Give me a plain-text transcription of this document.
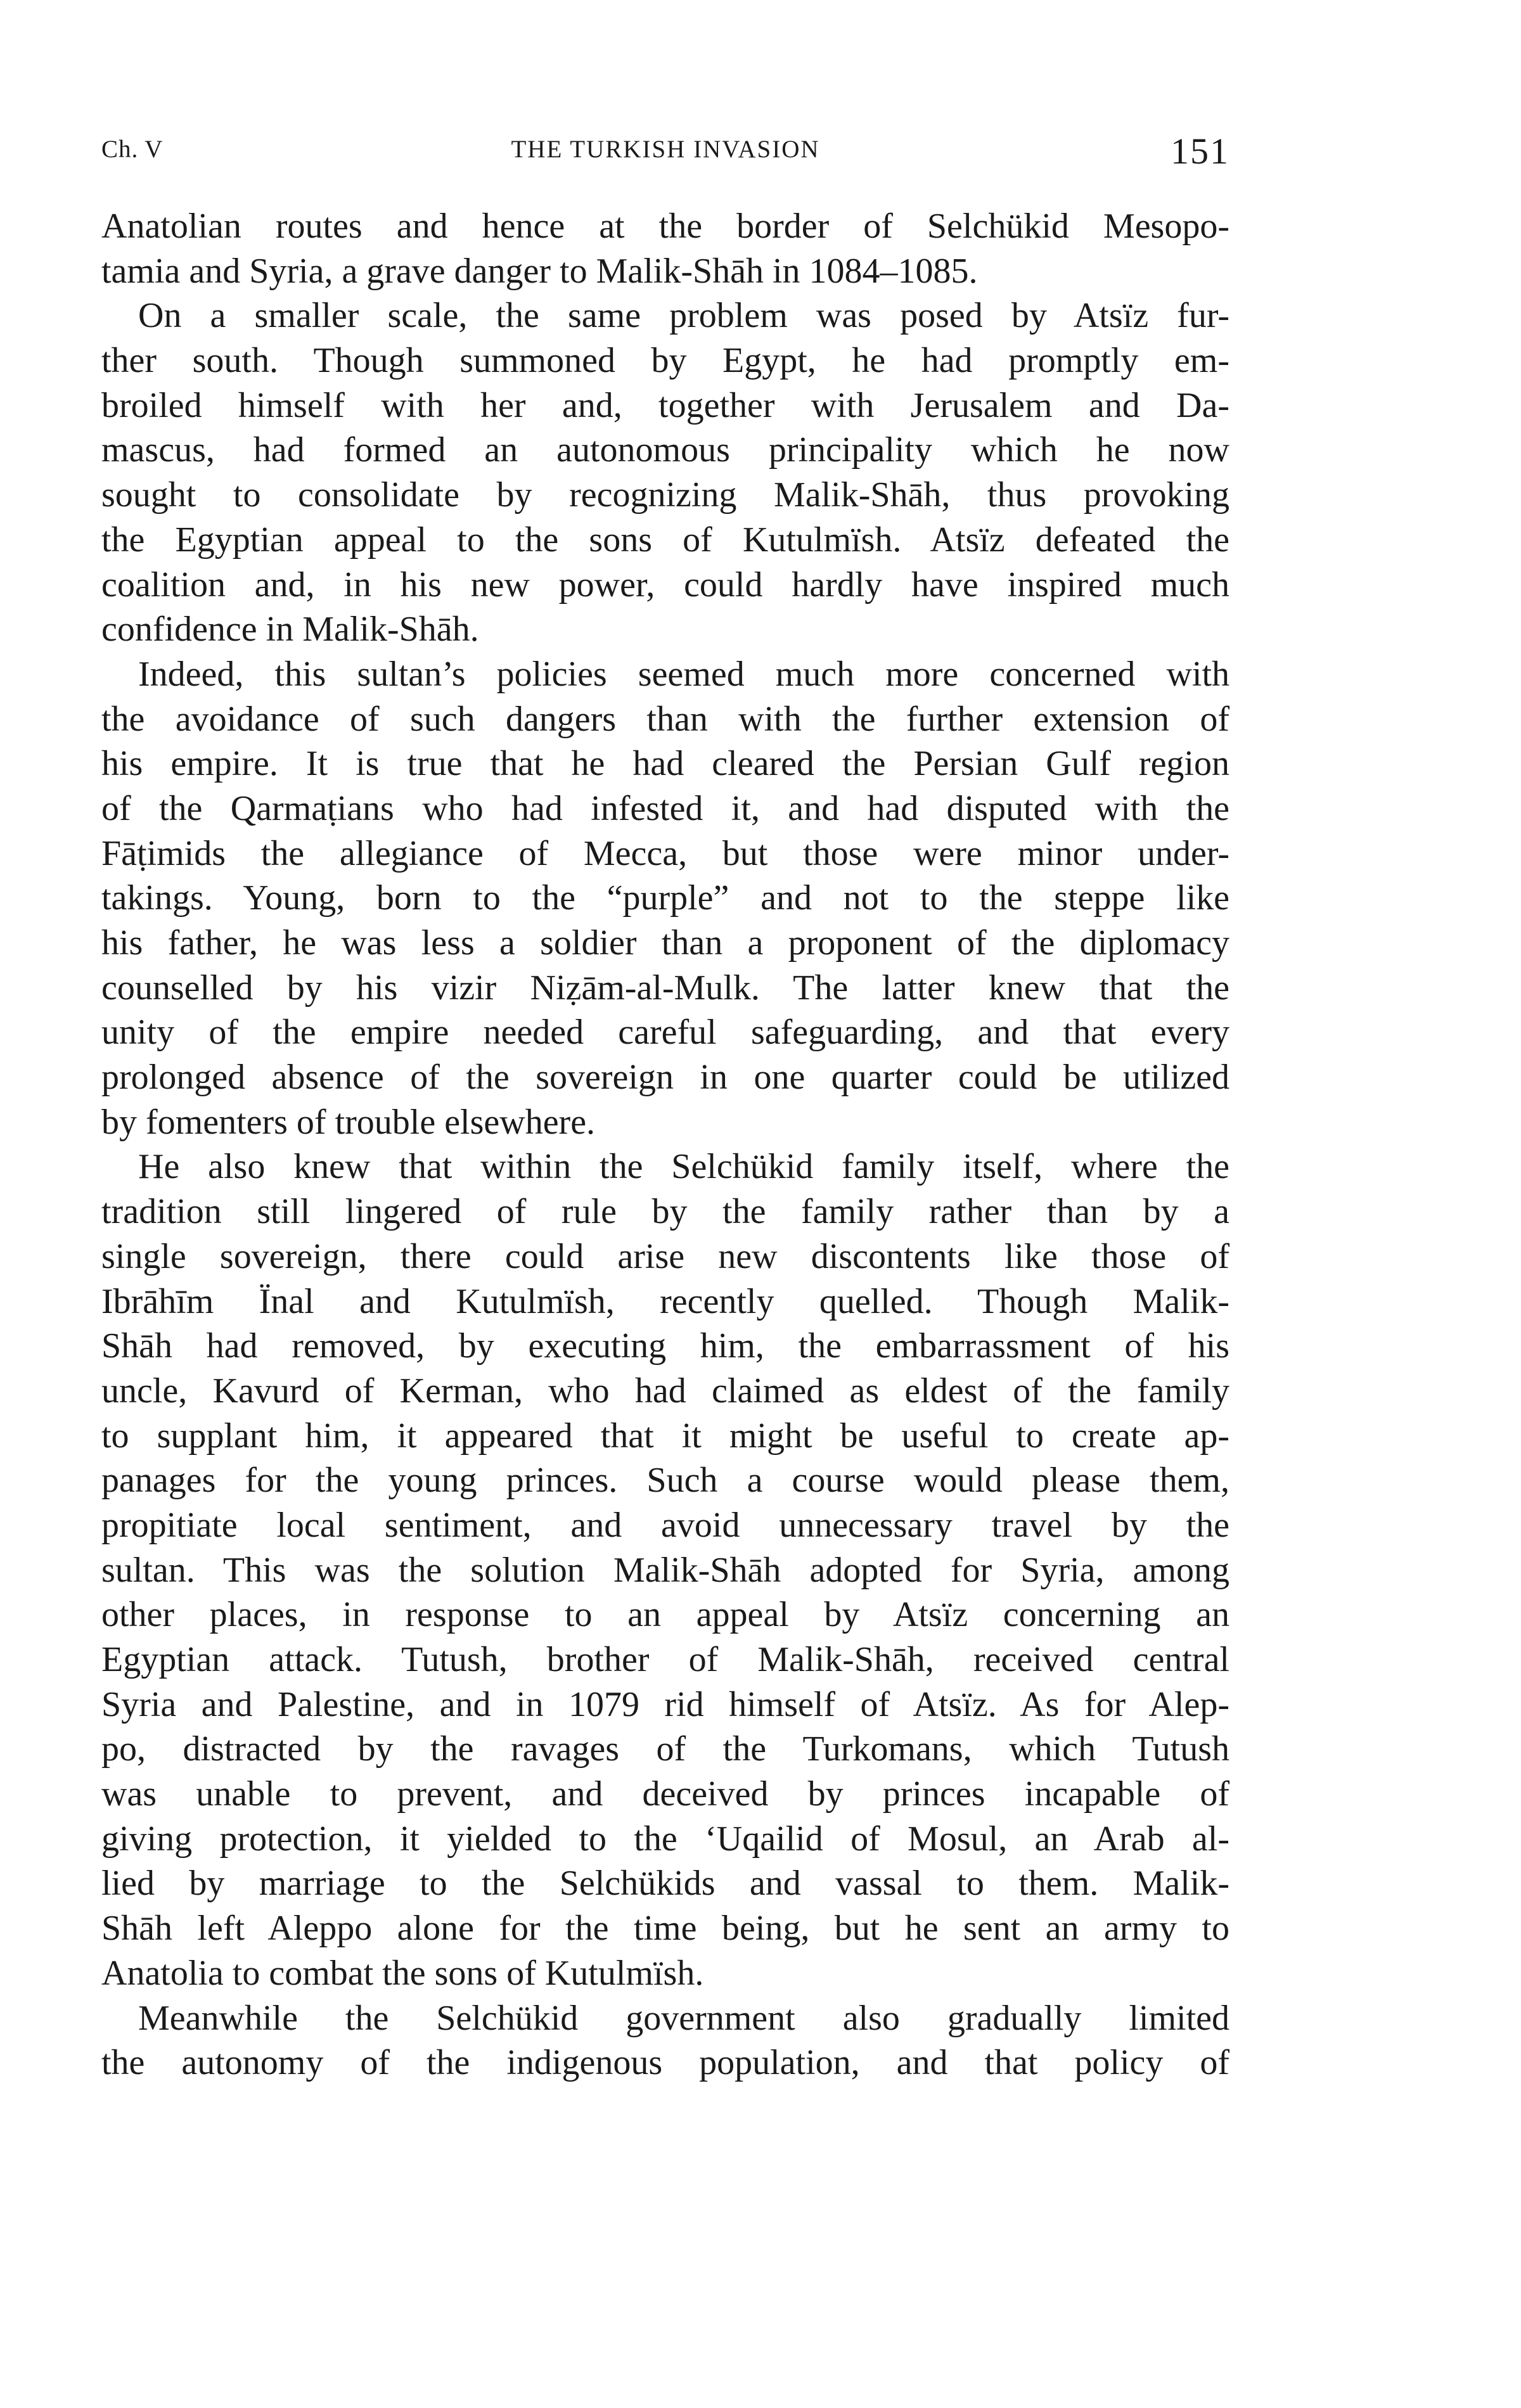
Ch. V	THE TURKISH INVASION	151
Anatolian routes and hence at the border of Selchükid Mesopo-
tamia and Syria, a grave danger to Malik-Shāh in 1084–1085.
On a smaller scale, the same problem was posed by Atsïz fur-
ther south. Though summoned by Egypt, he had promptly em-
broiled himself with her and, together with Jerusalem and Da-
mascus, had formed an autonomous principality which he now
sought to consolidate by recognizing Malik-Shāh, thus provoking
the Egyptian appeal to the sons of Kutulmïsh. Atsïz defeated the
coalition and, in his new power, could hardly have inspired much
confidence in Malik-Shāh.
Indeed, this sultan’s policies seemed much more concerned with
the avoidance of such dangers than with the further extension of
his empire. It is true that he had cleared the Persian Gulf region
of the Qarmaṭians who had infested it, and had disputed with the
Fāṭimids the allegiance of Mecca, but those were minor under-
takings. Young, born to the “purple” and not to the steppe like
his father, he was less a soldier than a proponent of the diplomacy
counselled by his vizir Niẓām-al-Mulk. The latter knew that the
unity of the empire needed careful safeguarding, and that every
prolonged absence of the sovereign in one quarter could be utilized
by fomenters of trouble elsewhere.
He also knew that within the Selchükid family itself, where the
tradition still lingered of rule by the family rather than by a
single sovereign, there could arise new discontents like those of
Ibrāhīm Ïnal and Kutulmïsh, recently quelled. Though Malik-
Shāh had removed, by executing him, the embarrassment of his
uncle, Kavurd of Kerman, who had claimed as eldest of the family
to supplant him, it appeared that it might be useful to create ap-
panages for the young princes. Such a course would please them,
propitiate local sentiment, and avoid unnecessary travel by the
sultan. This was the solution Malik-Shāh adopted for Syria, among
other places, in response to an appeal by Atsïz concerning an
Egyptian attack. Tutush, brother of Malik-Shāh, received central
Syria and Palestine, and in 1079 rid himself of Atsïz. As for Alep-
po, distracted by the ravages of the Turkomans, which Tutush
was unable to prevent, and deceived by princes incapable of
giving protection, it yielded to the ‘Uqailid of Mosul, an Arab al-
lied by marriage to the Selchükids and vassal to them. Malik-
Shāh left Aleppo alone for the time being, but he sent an army to
Anatolia to combat the sons of Kutulmïsh.
Meanwhile the Selchükid government also gradually limited
the autonomy of the indigenous population, and that policy of
